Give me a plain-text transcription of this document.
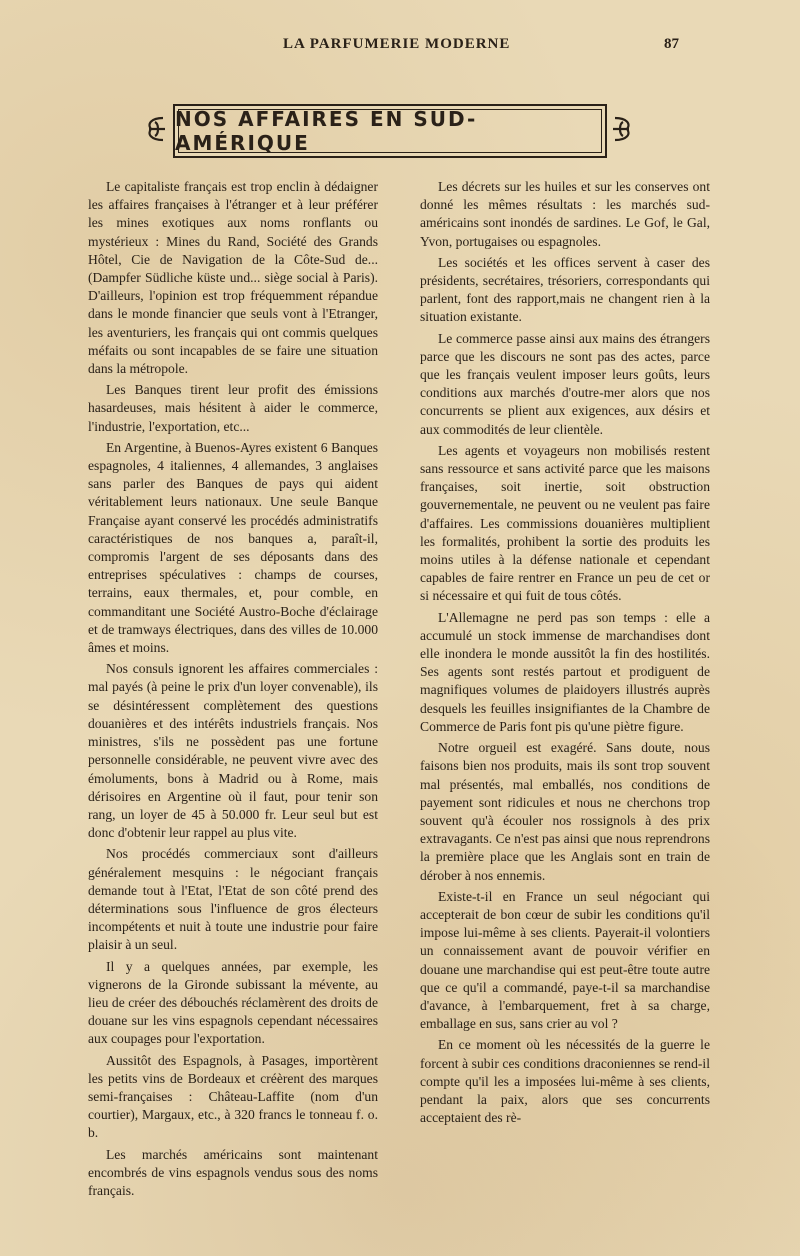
LA PARFUMERIE MODERNE	87
NOS AFFAIRES EN SUD-AMÉRIQUE

Le capitaliste français est trop enclin à dédaigner les affaires françaises à l'étranger et à leur préférer les mines exotiques aux noms ronflants ou mystérieux : Mines du Rand, Société des Grands Hôtel, Cie de Navigation de la Côte-Sud de... (Dampfer Südliche küste und... siège social à Paris). D'ailleurs, l'opinion est trop fréquemment répandue dans le monde financier que seuls vont à l'Etranger, les aventuriers, les français qui ont commis quelques méfaits ou sont incapables de se faire une situation dans la métropole.

Les Banques tirent leur profit des émissions hasardeuses, mais hésitent à aider le commerce, l'industrie, l'exportation, etc...

En Argentine, à Buenos-Ayres existent 6 Banques espagnoles, 4 italiennes, 4 allemandes, 3 anglaises sans parler des Banques de pays qui aident véritablement leurs nationaux. Une seule Banque Française ayant conservé les procédés administratifs caractéristiques de nos banques a, paraît-il, compromis l'argent de ses déposants dans des entreprises spéculatives : champs de courses, terrains, eaux thermales, et, pour comble, en commanditant une Société Austro-Boche d'éclairage et de tramways électriques, dans des villes de 10.000 âmes et moins.

Nos consuls ignorent les affaires commerciales : mal payés (à peine le prix d'un loyer convenable), ils se désintéressent complètement des questions douanières et des intérêts industriels français. Nos ministres, s'ils ne possèdent pas une fortune personnelle considérable, ne peuvent vivre avec des émoluments, bons à Madrid ou à Rome, mais dérisoires en Argentine où il faut, pour tenir son rang, un loyer de 45 à 50.000 fr. Leur seul but est donc d'obtenir leur rappel au plus vite.

Nos procédés commerciaux sont d'ailleurs généralement mesquins : le négociant français demande tout à l'Etat, l'Etat de son côté prend des déterminations sous l'influence de gros électeurs incompétents et nuit à toute une industrie pour faire plaisir à un seul.

Il y a quelques années, par exemple, les vignerons de la Gironde subissant la mévente, au lieu de créer des débouchés réclamèrent des droits de douane sur les vins espagnols cependant nécessaires aux coupages pour l'exportation.

Aussitôt des Espagnols, à Pasages, importèrent les petits vins de Bordeaux et créèrent des marques semi-françaises : Château-Laffite (nom d'un courtier), Margaux, etc., à 320 francs le tonneau f. o. b.

Les marchés américains sont maintenant encombrés de vins espagnols vendus sous des noms français.

Les décrets sur les huiles et sur les conserves ont donné les mêmes résultats : les marchés sud-américains sont inondés de sardines. Le Gof, le Gal, Yvon, portugaises ou espagnoles.

Les sociétés et les offices servent à caser des présidents, secrétaires, trésoriers, correspondants qui parlent, font des rapport,mais ne changent rien à la situation existante.

Le commerce passe ainsi aux mains des étrangers parce que les discours ne sont pas des actes, parce que les français veulent imposer leurs goûts, leurs conditions aux marchés d'outre-mer alors que nos concurrents se plient aux exigences, aux désirs et aux commodités de leur clientèle.

Les agents et voyageurs non mobilisés restent sans ressource et sans activité parce que les maisons françaises, soit inertie, soit obstruction gouvernementale, ne peuvent ou ne veulent pas faire d'affaires. Les commissions douanières multiplient les formalités, prohibent la sortie des produits les moins utiles à la défense nationale et cependant capables de faire rentrer en France un peu de cet or si nécessaire et qui fuit de tous côtés.

L'Allemagne ne perd pas son temps : elle a accumulé un stock immense de marchandises dont elle inondera le monde aussitôt la fin des hostilités. Ses agents sont restés partout et prodiguent de magnifiques volumes de plaidoyers illustrés auprès desquels les feuilles insignifiantes de la Chambre de Commerce de Paris font pis qu'une piètre figure.

Notre orgueil est exagéré. Sans doute, nous faisons bien nos produits, mais ils sont trop souvent mal présentés, mal emballés, nos conditions de payement sont ridicules et nous ne cherchons trop souvent qu'à écouler nos rossignols à des prix extravagants. Ce n'est pas ainsi que nous reprendrons la première place que les Anglais sont en train de dérober à nos ennemis.

Existe-t-il en France un seul négociant qui accepterait de bon cœur de subir les conditions qu'il impose lui-même à ses clients. Payerait-il volontiers un connaissement avant de pouvoir vérifier en douane une marchandise qui est peut-être toute autre que ce qu'il a commandé, paye-t-il sa marchandise d'avance, à l'embarquement, fret à sa charge, emballage en sus, sans crier au vol ?

En ce moment où les nécessités de la guerre le forcent à subir ces conditions draconiennes se rend-il compte qu'il les a imposées lui-même à ses clients, pendant la paix, alors que ses concurrents acceptaient des rè-
